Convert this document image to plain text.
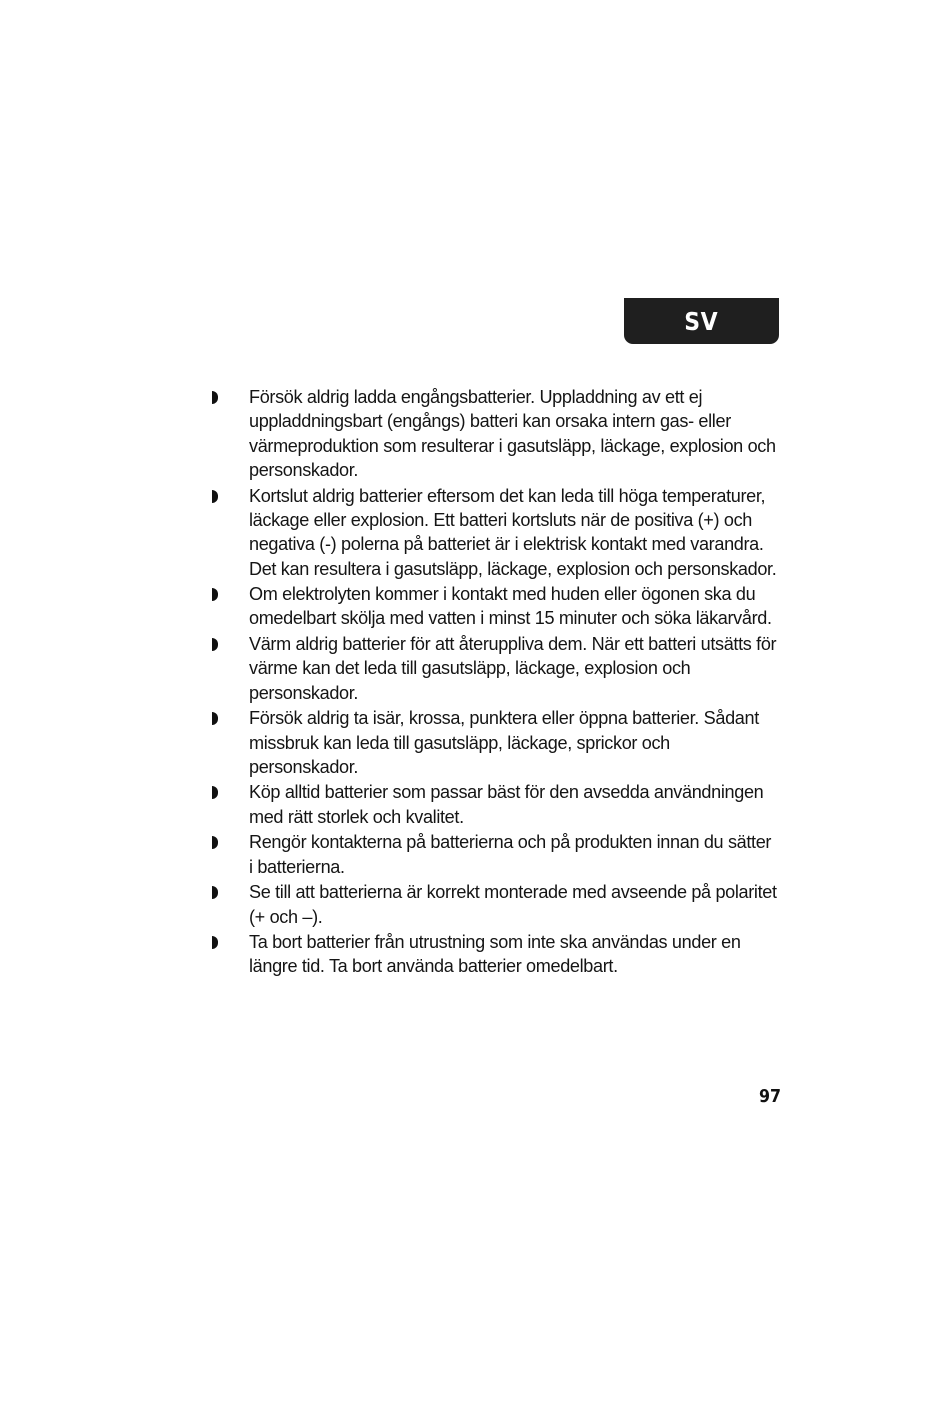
SV
Försök aldrig ladda engångsbatterier. Uppladdning av ett ej uppladdningsbart (engångs) batteri kan orsaka intern gas- eller värmeproduktion som resulterar i gasutsläpp, läckage, explosion och personskador.
Kortslut aldrig batterier eftersom det kan leda till höga temperaturer, läckage eller explosion. Ett batteri kortsluts när de positiva (+) och negativa (-) polerna på batteriet är i elektrisk kontakt med varandra. Det kan resultera i gasutsläpp, läckage, explosion och personskador.
Om elektrolyten kommer i kontakt med huden eller ögonen ska du omedelbart skölja med vatten i minst 15 minuter och söka läkarvård.
Värm aldrig batterier för att återuppliva dem. När ett batteri utsätts för värme kan det leda till gasutsläpp, läckage, explosion och personskador.
Försök aldrig ta isär, krossa, punktera eller öppna batterier. Sådant missbruk kan leda till gasutsläpp, läckage, sprickor och personskador.
Köp alltid batterier som passar bäst för den avsedda användningen med rätt storlek och kvalitet.
Rengör kontakterna på batterierna och på produkten innan du sätter i batterierna.
Se till att batterierna är korrekt monterade med avseende på polaritet (+ och –).
Ta bort batterier från utrustning som inte ska användas under en längre tid. Ta bort använda batterier omedelbart.
97
